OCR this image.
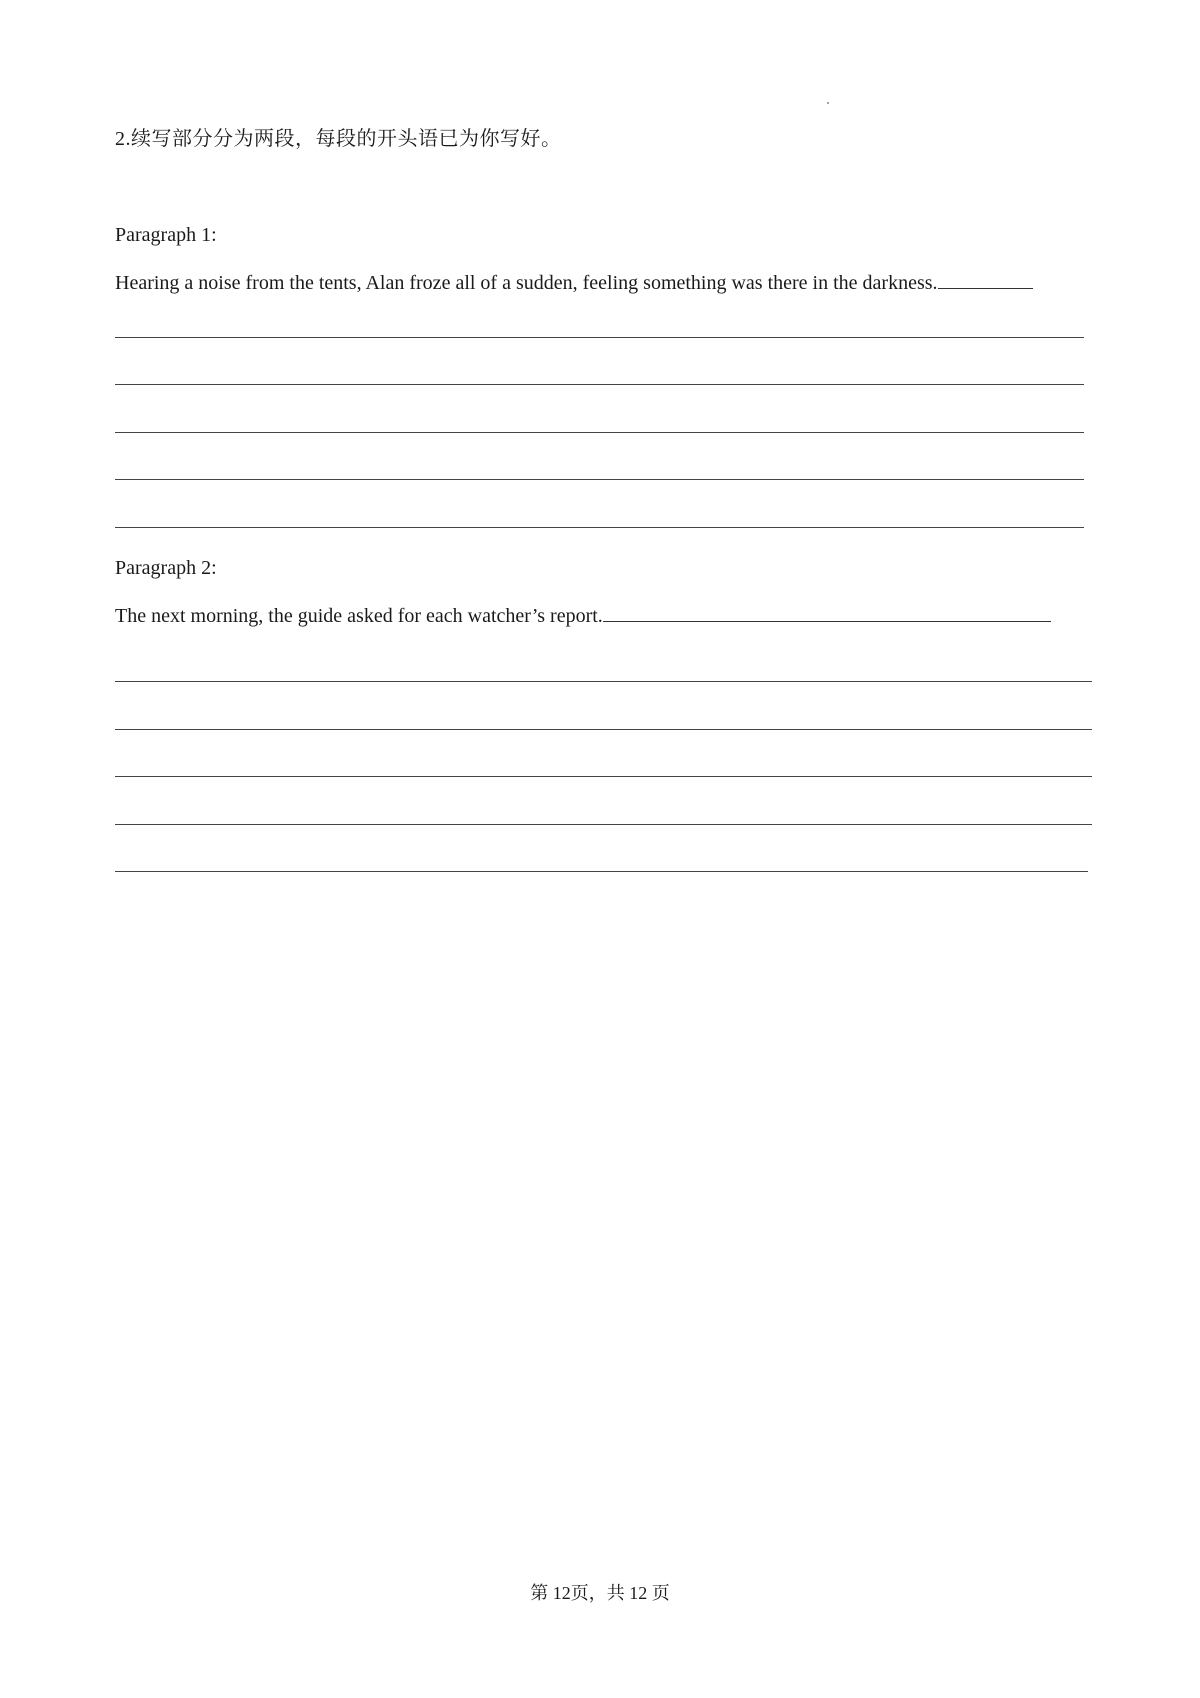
2.续写部分分为两段，每段的开头语已为你写好。
Paragraph 1:
Hearing a noise from the tents, Alan froze all of a sudden, feeling something was there in the darkness.
Paragraph 2:
The next morning, the guide asked for each watcher’s report.
第 12页，共 12 页
